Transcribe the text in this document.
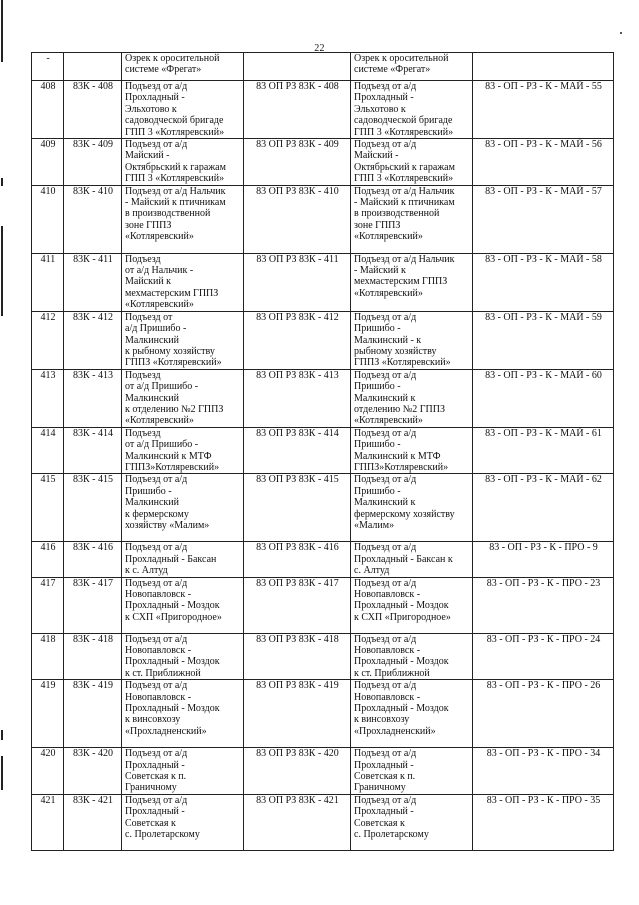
22
-		Озрек к оросительной
системе «Фрегат»		Озрек к оросительной
системе «Фрегат»	

408	83К - 408	Подъезд от а/д
Прохладный -
Эльхотово к
садоводческой бригаде
ГПП 3 «Котляревский»	83 ОП РЗ 83К - 408	Подъезд от а/д
Прохладный -
Эльхотово к
садоводческой бригаде
ГПП 3 «Котляревский»	83 - ОП - РЗ - К - МАЙ - 55

409	83К - 409	Подъезд от а/д
Майский -
Октябрьский к гаражам
ГПП 3 «Котляревский»	83 ОП РЗ 83К - 409	Подъезд от а/д
Майский -
Октябрьский к гаражам
ГПП 3 «Котляревский»	83 - ОП - РЗ - К - МАЙ - 56

410	83К - 410	Подъезд от а/д Нальчик
- Майский к птичникам
в производственной
зоне ГППЗ
«Котляревский»	83 ОП РЗ 83К - 410	Подъезд от а/д Нальчик
- Майский к птичникам
в производственной
зоне ГППЗ
«Котляревский»	83 - ОП - РЗ - К - МАЙ - 57

411	83К - 411	Подъезд
от а/д Нальчик -
Майский к
мехмастерским ГППЗ
«Котляревский»	83 ОП РЗ 83К - 411	Подъезд от а/д Нальчик
- Майский к
мехмастерским ГППЗ
«Котляревский»	83 - ОП - РЗ - К - МАЙ - 58

412	83К - 412	Подъезд от
а/д Пришибо -
Малкинский
к рыбному хозяйству
ГППЗ «Котляревский»	83 ОП РЗ 83К - 412	Подъезд от а/д
Пришибо -
Малкинский - к
рыбному хозяйству
ГППЗ «Котляревский»	83 - ОП - РЗ - К - МАЙ - 59

413	83К - 413	Подъезд
от а/д Пришибо -
Малкинский
к отделению №2 ГППЗ
«Котляревский»	83 ОП РЗ 83К - 413	Подъезд от а/д
Пришибо -
Малкинский к
отделению №2 ГППЗ
«Котляревский»	83 - ОП - РЗ - К - МАЙ - 60

414	83К - 414	Подъезд
от а/д Пришибо -
Малкинский к МТФ
ГППЗ»Котляревский»	83 ОП РЗ 83К - 414	Подъезд от а/д
Пришибо -
Малкинский к МТФ
ГППЗ»Котляревский»	83 - ОП - РЗ - К - МАЙ - 61

415	83К - 415	Подъезд от а/д
Пришибо -
Малкинский
к фермерскому
хозяйству «Малим»	83 ОП РЗ 83К - 415	Подъезд от а/д
Пришибо -
Малкинский к
фермерскому хозяйству
«Малим»	83 - ОП - РЗ - К - МАЙ - 62

416	83К - 416	Подъезд от а/д
Прохладный - Баксан
к с. Алтуд	83 ОП РЗ 83К - 416	Подъезд от а/д
Прохладный - Баксан к
с. Алтуд	83 - ОП - РЗ - К - ПРО - 9

417	83К - 417	Подъезд от а/д
Новопавловск -
Прохладный - Моздок
к СХП «Пригородное»	83 ОП РЗ 83К - 417	Подъезд от а/д
Новопавловск -
Прохладный - Моздок
к СХП «Пригородное»	83 - ОП - РЗ - К - ПРО - 23

418	83К - 418	Подъезд от а/д
Новопавловск -
Прохладный - Моздок
к ст. Приближной	83 ОП РЗ 83К - 418	Подъезд от а/д
Новопавловск -
Прохладный - Моздок
к ст. Приближной	83 - ОП - РЗ - К - ПРО - 24

419	83К - 419	Подъезд от а/д
Новопавловск -
Прохладный - Моздок
к винсовхозу
«Прохладненский»	83 ОП РЗ 83К - 419	Подъезд от а/д
Новопавловск -
Прохладный - Моздок
к винсовхозу
«Прохладненский»	83 - ОП - РЗ - К - ПРО - 26

420	83К - 420	Подъезд от а/д
Прохладный -
Советская к п.
Граничному	83 ОП РЗ 83К - 420	Подъезд от а/д
Прохладный -
Советская к п.
Граничному	83 - ОП - РЗ - К - ПРО - 34

421	83К - 421	Подъезд от а/д
Прохладный -
Советская к
с. Пролетарскому	83 ОП РЗ 83К - 421	Подъезд от а/д
Прохладный -
Советская к
с. Пролетарскому	83 - ОП - РЗ - К - ПРО - 35
